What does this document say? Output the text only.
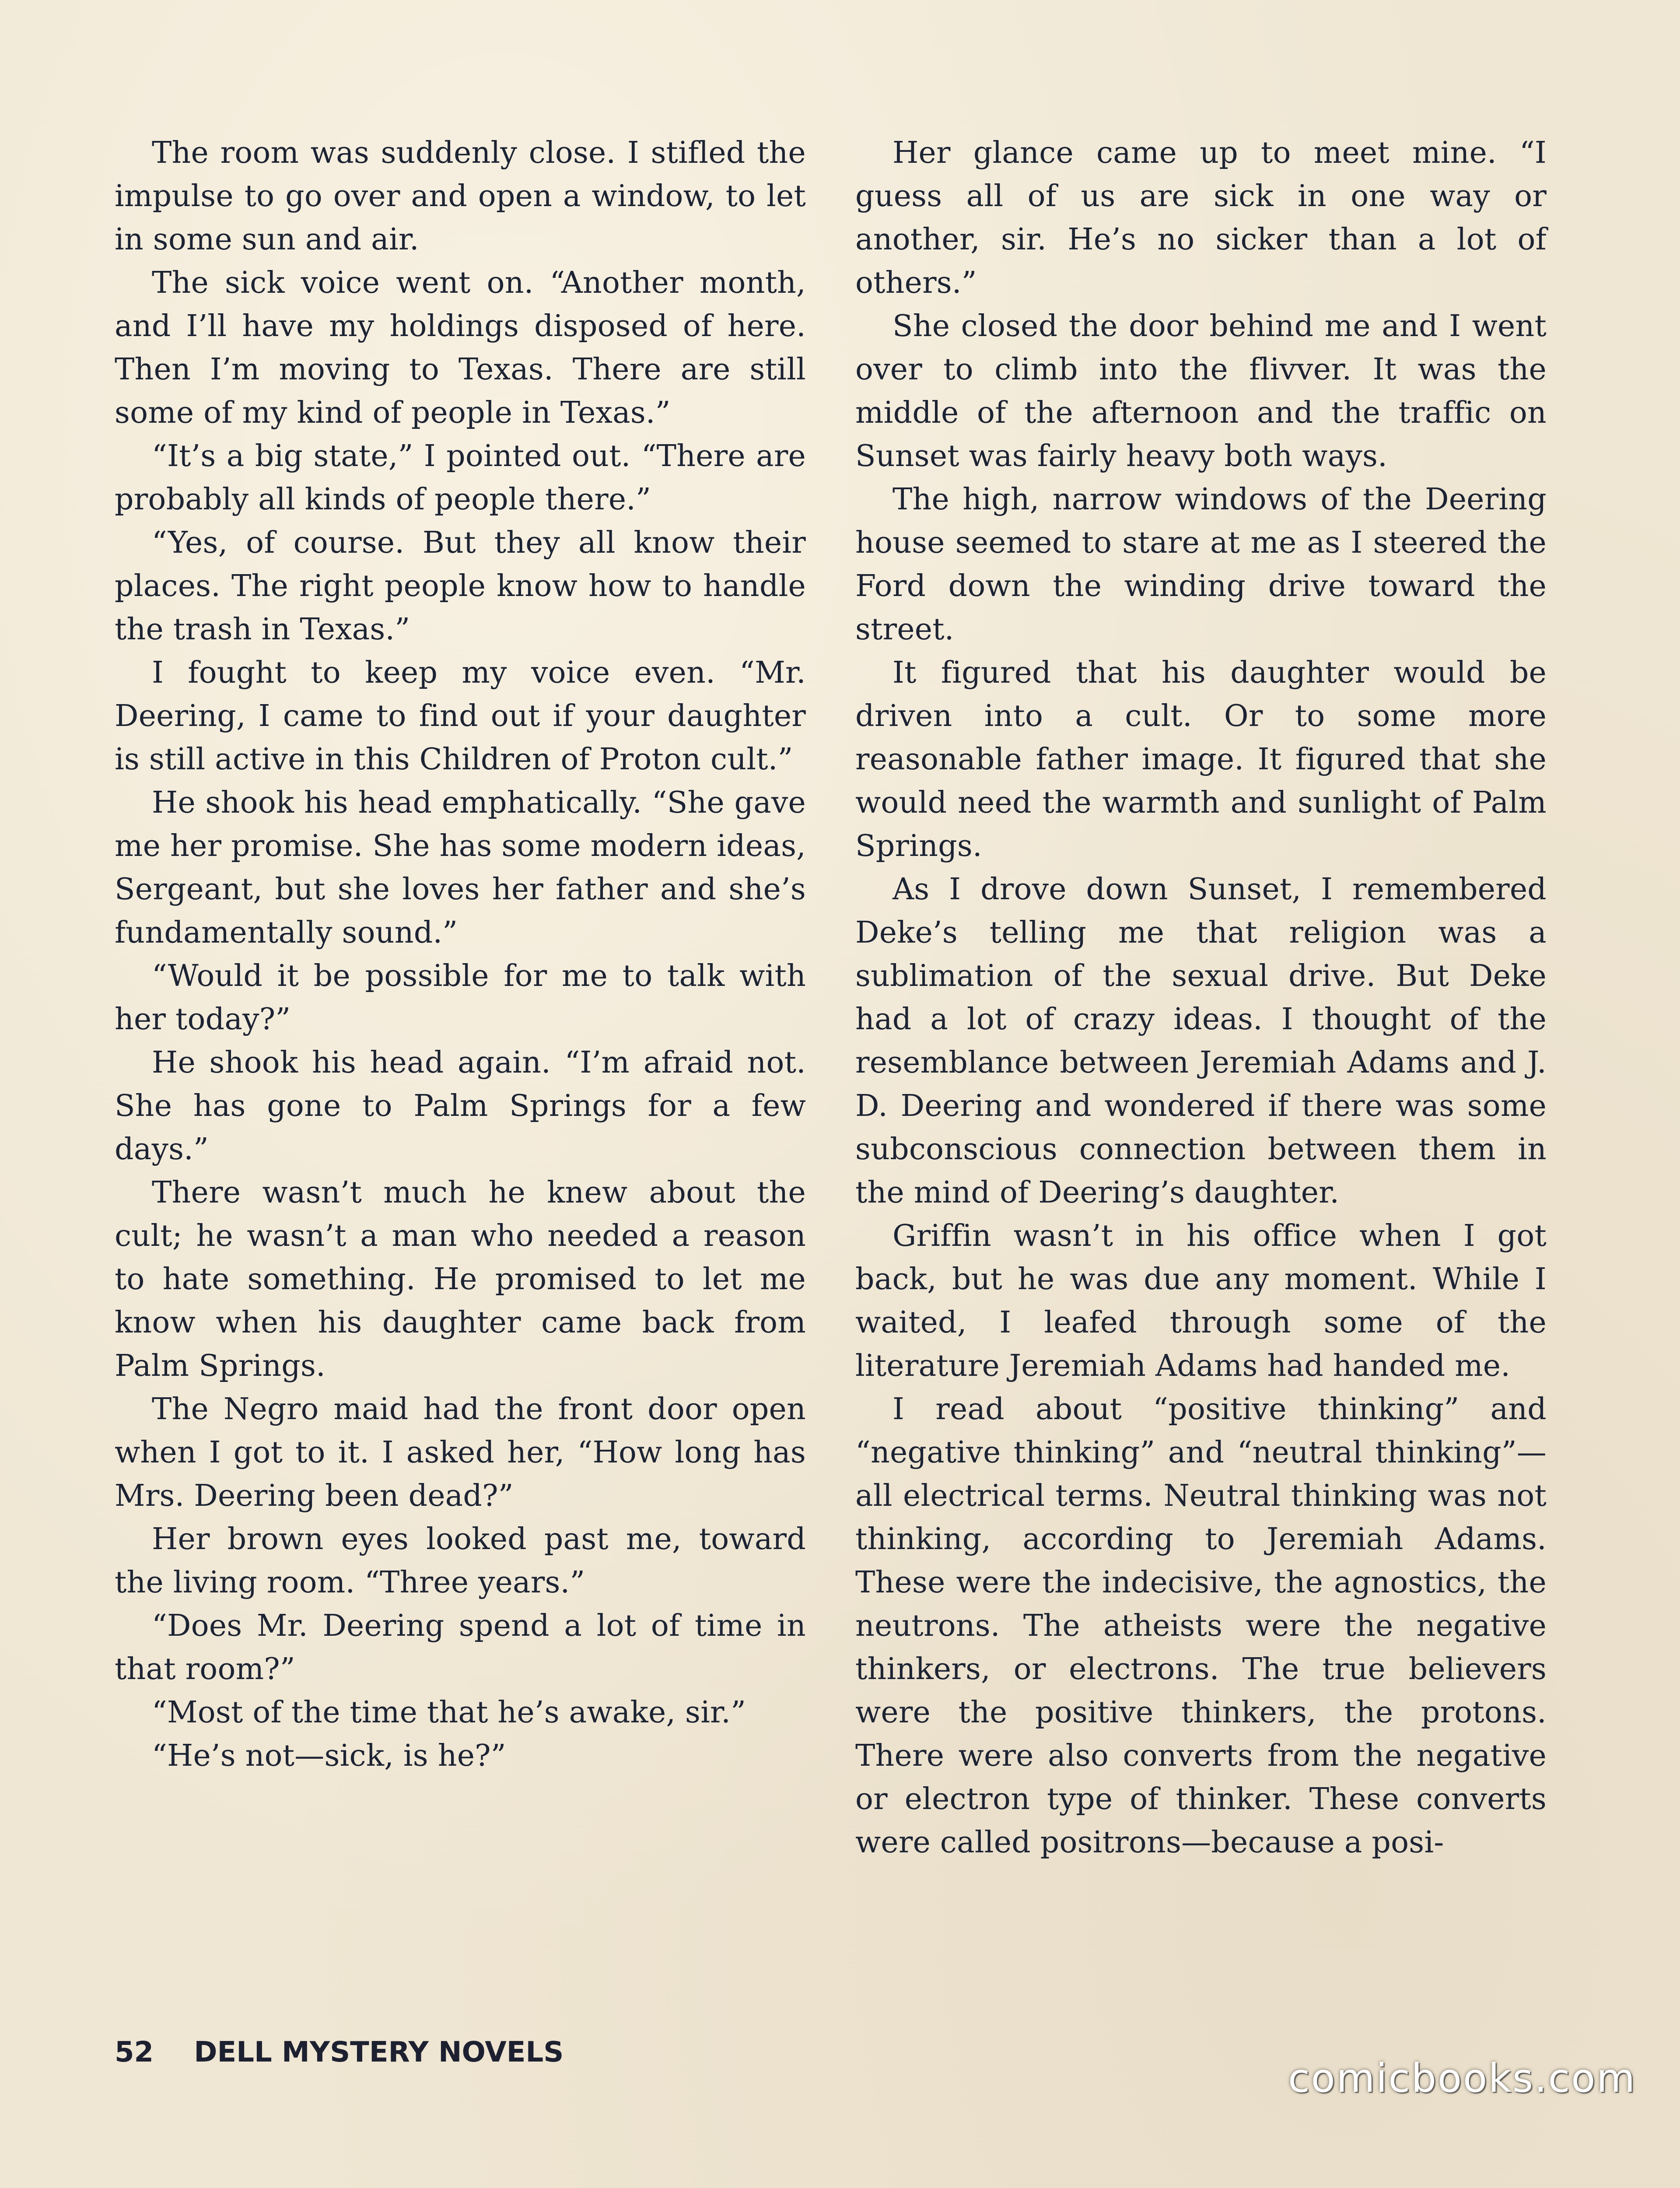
The room was suddenly close. I stifled the impulse to go over and open a window, to let in some sun and air.

The sick voice went on. “Another month, and I’ll have my holdings disposed of here. Then I’m moving to Texas. There are still some of my kind of people in Texas.”

“It’s a big state,” I pointed out. “There are probably all kinds of people there.”

“Yes, of course. But they all know their places. The right people know how to handle the trash in Texas.”

I fought to keep my voice even. “Mr. Deering, I came to find out if your daughter is still active in this Children of Proton cult.”

He shook his head emphatically. “She gave me her promise. She has some modern ideas, Sergeant, but she loves her father and she’s fundamentally sound.”

“Would it be possible for me to talk with her today?”

He shook his head again. “I’m afraid not. She has gone to Palm Springs for a few days.”

There wasn’t much he knew about the cult; he wasn’t a man who needed a reason to hate something. He promised to let me know when his daughter came back from Palm Springs.

The Negro maid had the front door open when I got to it. I asked her, “How long has Mrs. Deering been dead?”

Her brown eyes looked past me, toward the living room. “Three years.”

“Does Mr. Deering spend a lot of time in that room?”

“Most of the time that he’s awake, sir.”

“He’s not—sick, is he?”

Her glance came up to meet mine. “I guess all of us are sick in one way or another, sir. He’s no sicker than a lot of others.”

She closed the door behind me and I went over to climb into the flivver. It was the middle of the afternoon and the traffic on Sunset was fairly heavy both ways.

The high, narrow windows of the Deering house seemed to stare at me as I steered the Ford down the winding drive toward the street.

It figured that his daughter would be driven into a cult. Or to some more reasonable father image. It figured that she would need the warmth and sunlight of Palm Springs.

As I drove down Sunset, I remembered Deke’s telling me that religion was a sublimation of the sexual drive. But Deke had a lot of crazy ideas. I thought of the resemblance between Jeremiah Adams and J. D. Deering and wondered if there was some subconscious connection between them in the mind of Deering’s daughter.

Griffin wasn’t in his office when I got back, but he was due any moment. While I waited, I leafed through some of the literature Jeremiah Adams had handed me.

I read about “positive thinking” and “negative thinking” and “neutral thinking”—all electrical terms. Neutral thinking was not thinking, according to Jeremiah Adams. These were the indecisive, the agnostics, the neutrons. The atheists were the negative thinkers, or electrons. The true believers were the positive thinkers, the protons. There were also converts from the negative or electron type of thinker. These converts were called positrons—because a posi-

52 DELL MYSTERY NOVELS
comicbooks.com
